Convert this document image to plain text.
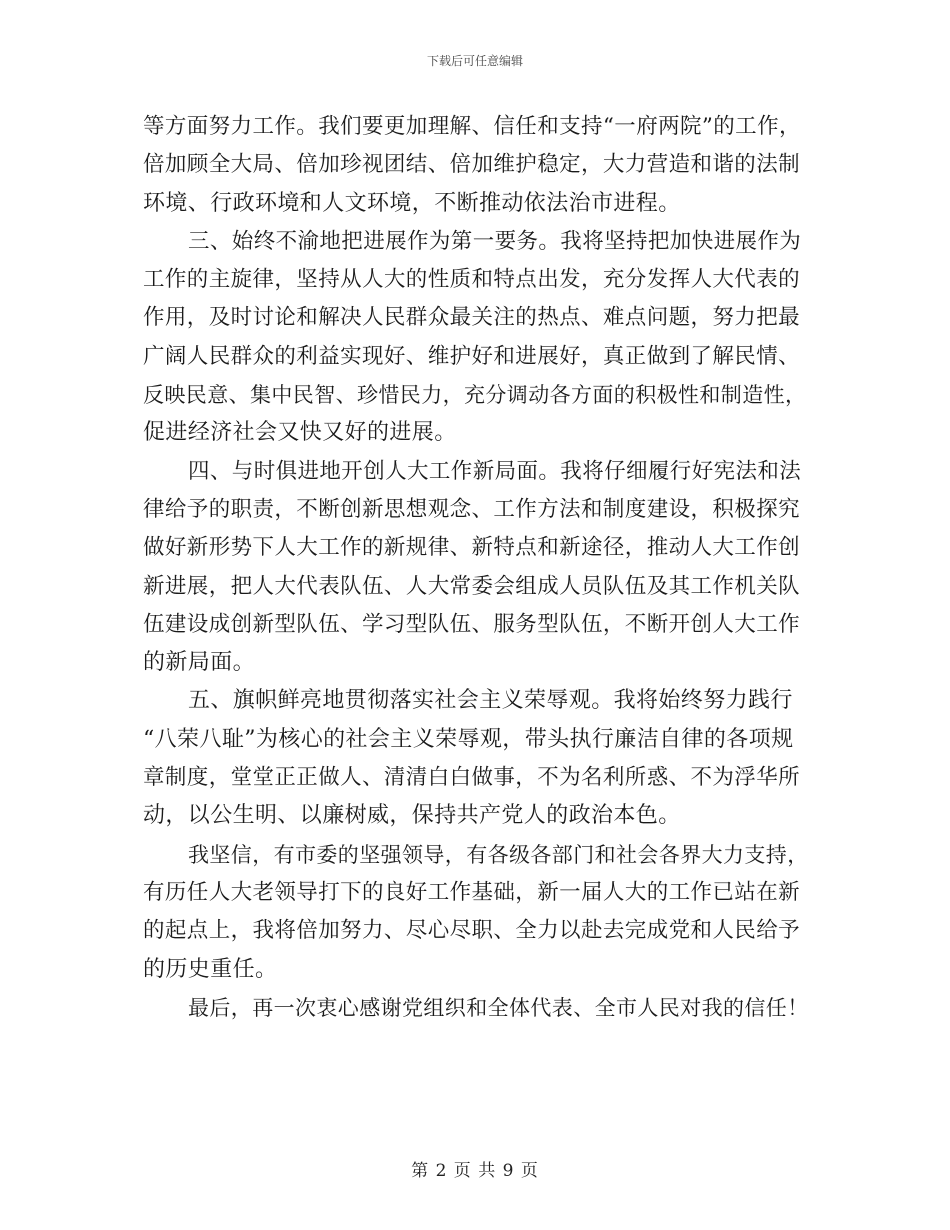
下载后可任意编辑
等方面努力工作。我们要更加理解、信任和支持“一府两院”的工作，
倍加顾全大局、倍加珍视团结、倍加维护稳定，大力营造和谐的法制
环境、行政环境和人文环境，不断推动依法治市进程。
三、始终不渝地把进展作为第一要务。我将坚持把加快进展作为
工作的主旋律，坚持从人大的性质和特点出发，充分发挥人大代表的
作用，及时讨论和解决人民群众最关注的热点、难点问题，努力把最
广阔人民群众的利益实现好、维护好和进展好，真正做到了解民情、
反映民意、集中民智、珍惜民力，充分调动各方面的积极性和制造性，
促进经济社会又快又好的进展。
四、与时俱进地开创人大工作新局面。我将仔细履行好宪法和法
律给予的职责，不断创新思想观念、工作方法和制度建设，积极探究
做好新形势下人大工作的新规律、新特点和新途径，推动人大工作创
新进展，把人大代表队伍、人大常委会组成人员队伍及其工作机关队
伍建设成创新型队伍、学习型队伍、服务型队伍，不断开创人大工作
的新局面。
五、旗帜鲜亮地贯彻落实社会主义荣辱观。我将始终努力践行
“八荣八耻”为核心的社会主义荣辱观，带头执行廉洁自律的各项规
章制度，堂堂正正做人、清清白白做事，不为名利所惑、不为浮华所
动，以公生明、以廉树威，保持共产党人的政治本色。
我坚信，有市委的坚强领导，有各级各部门和社会各界大力支持，
有历任人大老领导打下的良好工作基础，新一届人大的工作已站在新
的起点上，我将倍加努力、尽心尽职、全力以赴去完成党和人民给予
的历史重任。
最后，再一次衷心感谢党组织和全体代表、全市人民对我的信任！
第 2 页 共 9 页
